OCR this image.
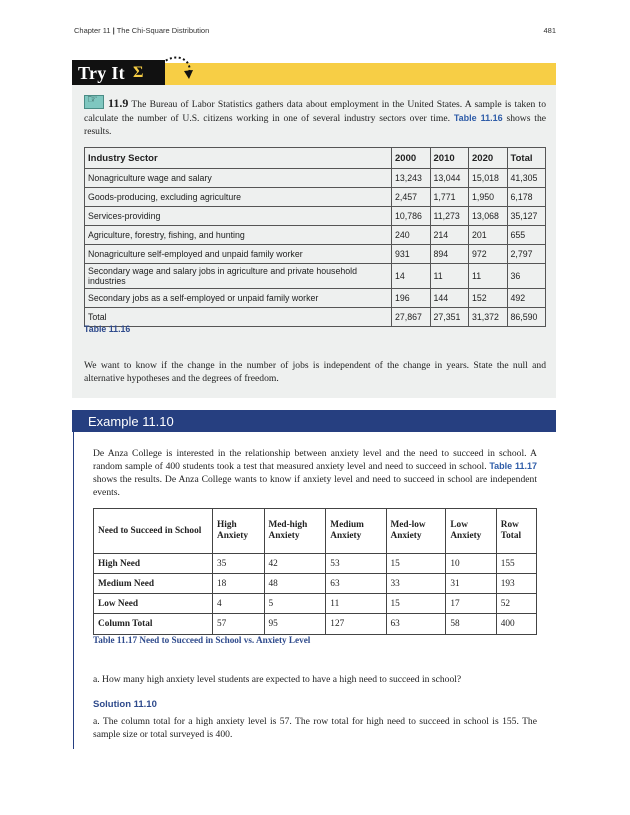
Chapter 11 | The Chi-Square Distribution	481
Try It Σ
☞11.9 The Bureau of Labor Statistics gathers data about employment in the United States. A sample is taken to calculate the number of U.S. citizens working in one of several industry sectors over time. Table 11.16 shows the results.
Industry Sector	2000	2010	2020	Total
Nonagriculture wage and salary	13,243	13,044	15,018	41,305
Goods-producing, excluding agriculture	2,457	1,771	1,950	6,178
Services-providing	10,786	11,273	13,068	35,127
Agriculture, forestry, fishing, and hunting	240	214	201	655
Nonagriculture self-employed and unpaid family worker	931	894	972	2,797
Secondary wage and salary jobs in agriculture and private household industries	14	11	11	36
Secondary jobs as a self-employed or unpaid family worker	196	144	152	492
Total	27,867	27,351	31,372	86,590
Table 11.16
We want to know if the change in the number of jobs is independent of the change in years. State the null and alternative hypotheses and the degrees of freedom.
Example 11.10
De Anza College is interested in the relationship between anxiety level and the need to succeed in school. A random sample of 400 students took a test that measured anxiety level and need to succeed in school. Table 11.17 shows the results. De Anza College wants to know if anxiety level and need to succeed in school are independent events.
Need to Succeed in School	High Anxiety	Med-high Anxiety	Medium Anxiety	Med-low Anxiety	Low Anxiety	Row Total
High Need	35	42	53	15	10	155
Medium Need	18	48	63	33	31	193
Low Need	4	5	11	15	17	52
Column Total	57	95	127	63	58	400
Table 11.17 Need to Succeed in School vs. Anxiety Level
a. How many high anxiety level students are expected to have a high need to succeed in school?
Solution 11.10
a. The column total for a high anxiety level is 57. The row total for high need to succeed in school is 155. The sample size or total surveyed is 400.
